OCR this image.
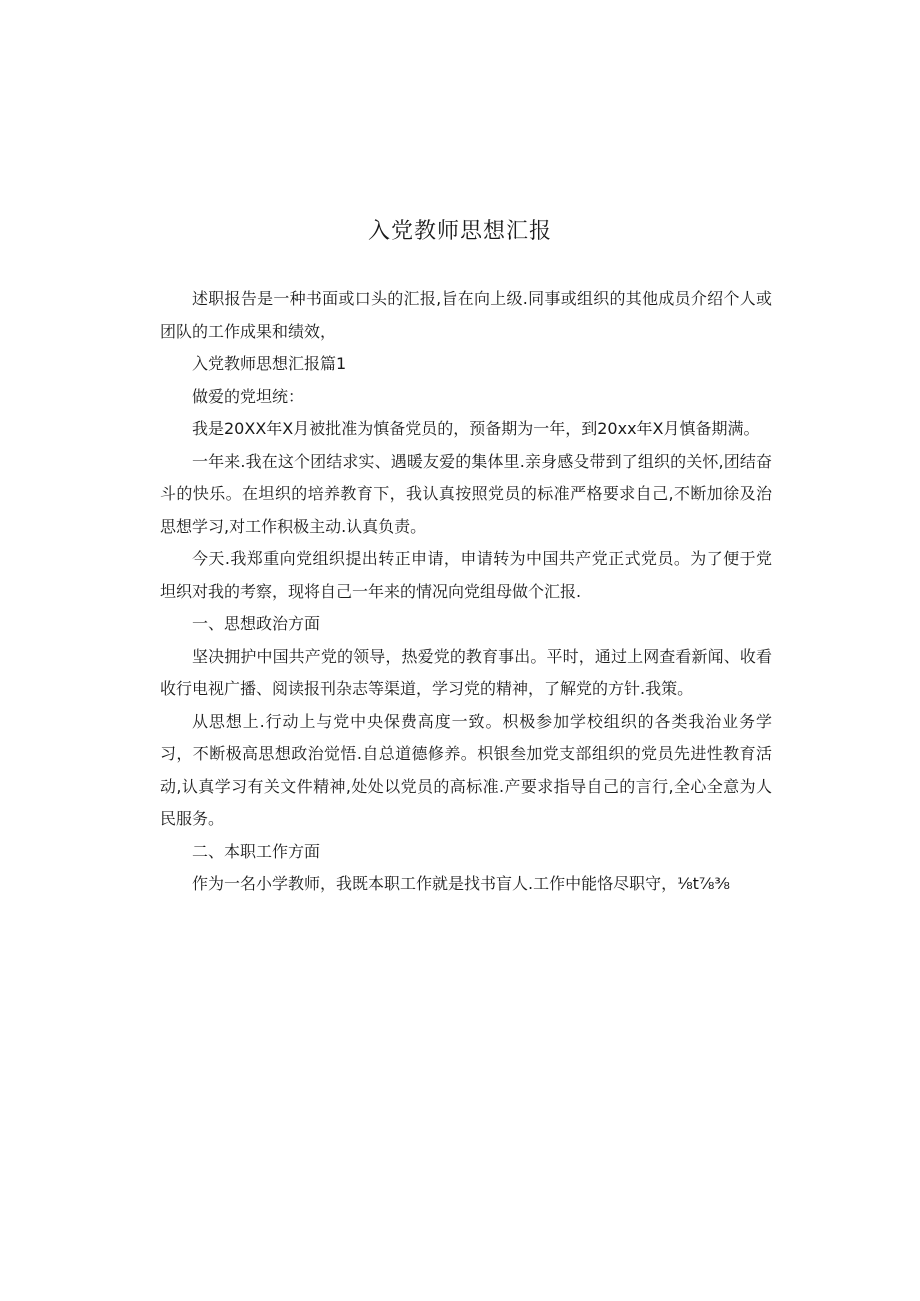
入党教师思想汇报

述职报告是一种书面或口头的汇报,旨在向上级.同事或组织的其他成员介绍个人或团队的工作成果和绩效，

入党教师思想汇报篇1

做爱的党坦统：

我是20XX年X月被批准为慎备党员的，预备期为一年，到20xx年X月慎备期满。

一年来.我在这个团结求实、遇暖友爱的集体里.亲身感殳带到了组织的关怀,团结奋斗的快乐。在坦织的培养教育下，我认真按照党员的标准严格要求自己,不断加徐及治思想学习,对工作积极主动.认真负责。

今天.我郑重向党组织提出转正申请，申请转为中国共产党正式党员。为了便于党坦织对我的考察，现将自己一年来的情况向党组母做个汇报.

一、思想政治方面

坚决拥护中国共产党的领导，热爱党的教育事出。平时，通过上网查看新闻、收看收行电视广播、阅读报刊杂志等渠道，学习党的精神，了解党的方针.我策。

从思想上.行动上与党中央保费高度一致。枳极参加学校组织的各类我治业务学习，不断极高思想政治觉悟.自总道德修养。枳银叁加党支部组织的党员先进性教育活动,认真学习有关文件精神,处处以党员的高标准.产要求指导自己的言行,全心全意为人民服务。

二、本职工作方面

作为一名小学教师，我既本职工作就是找书盲人.工作中能恪尽职守，⅛t⅞⅜
